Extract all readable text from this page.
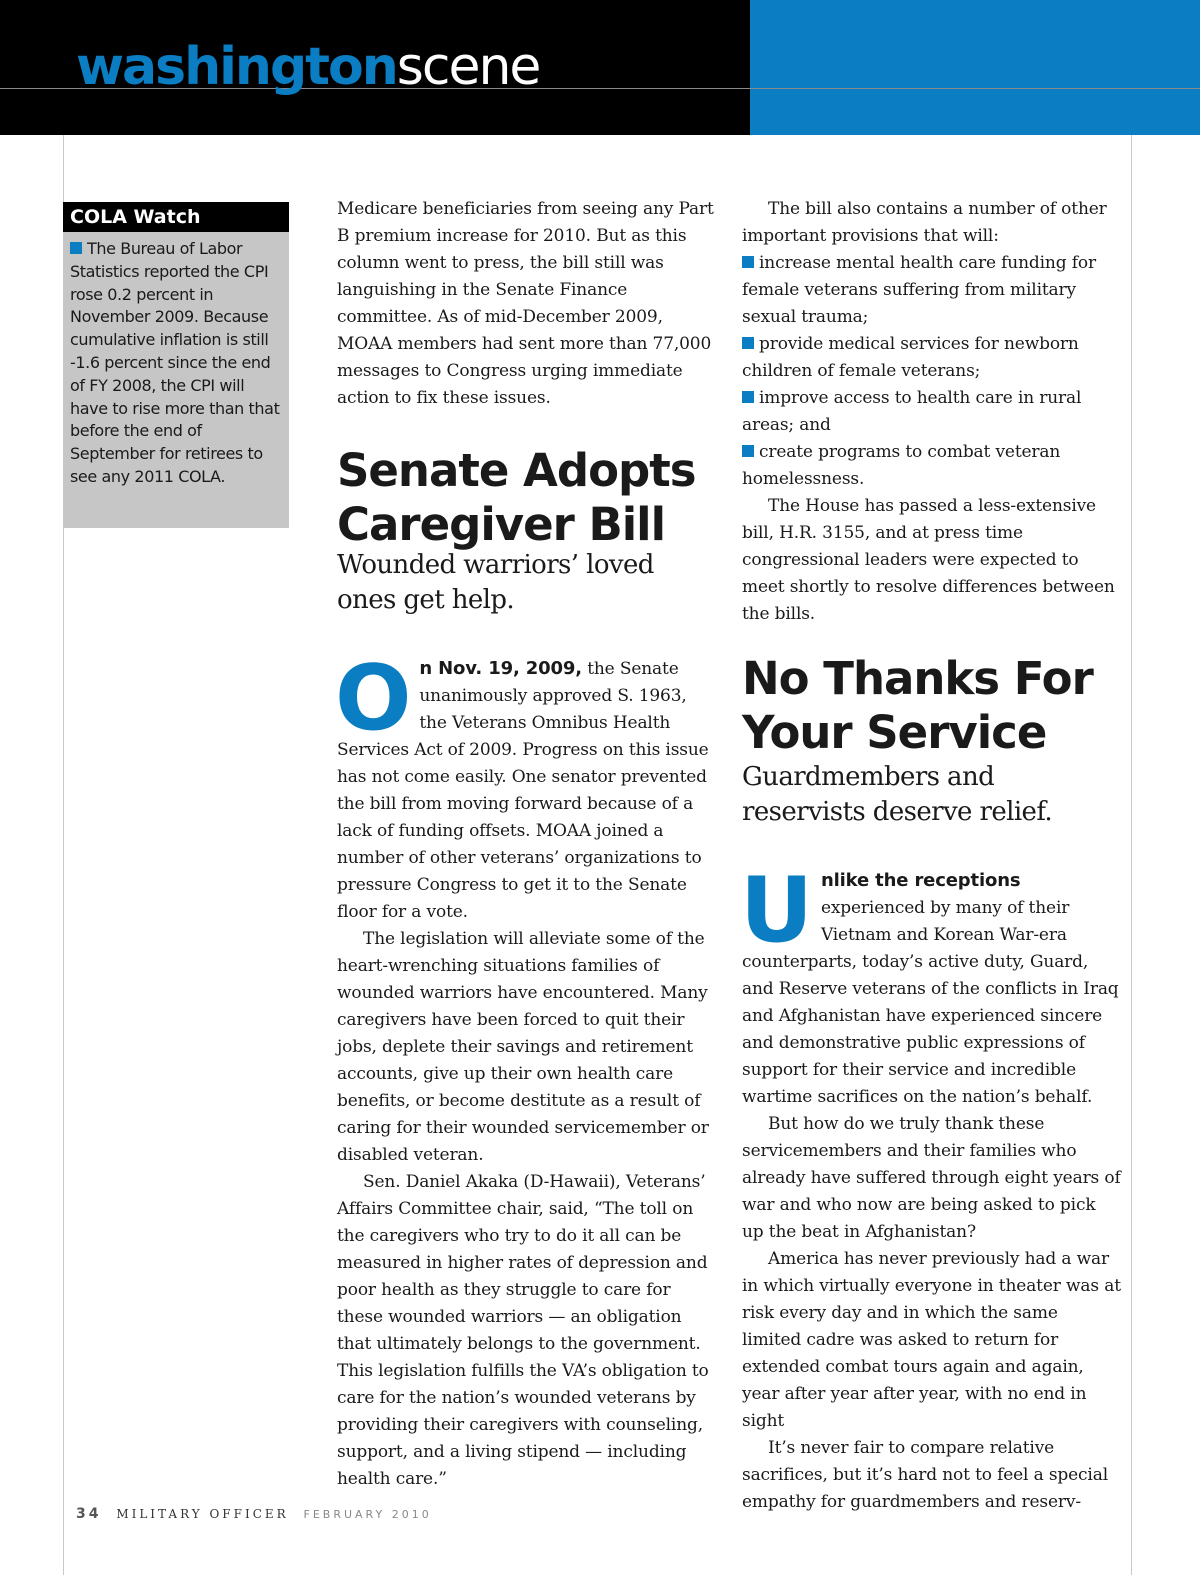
washingtonscene
COLA Watch
The Bureau of Labor Statistics reported the CPI rose 0.2 percent in November 2009. Because cumulative inflation is still -1.6 percent since the end of FY 2008, the CPI will have to rise more than that before the end of September for retirees to see any 2011 COLA.

Medicare beneficiaries from seeing any Part B premium increase for 2010. But as this column went to press, the bill still was languishing in the Senate Finance committee. As of mid-December 2009, MOAA members had sent more than 77,000 messages to Congress urging immediate action to fix these issues.

Senate Adopts Caregiver Bill
Wounded warriors’ loved ones get help.

On Nov. 19, 2009, the Senate unanimously approved S. 1963, the Veterans Omnibus Health Services Act of 2009. Progress on this issue has not come easily. One senator prevented the bill from moving forward because of a lack of funding offsets. MOAA joined a number of other veterans’ organizations to pressure Congress to get it to the Senate floor for a vote.

The legislation will alleviate some of the heart-wrenching situations families of wounded warriors have encountered. Many caregivers have been forced to quit their jobs, deplete their savings and retirement accounts, give up their own health care benefits, or become destitute as a result of caring for their wounded servicemember or disabled veteran.

Sen. Daniel Akaka (D-Hawaii), Veterans’ Affairs Committee chair, said, “The toll on the caregivers who try to do it all can be measured in higher rates of depression and poor health as they struggle to care for these wounded warriors — an obligation that ultimately belongs to the government. This legislation fulfills the VA’s obligation to care for the nation’s wounded veterans by providing their caregivers with counseling, support, and a living stipend — including health care.”

The bill also contains a number of other important provisions that will:

increase mental health care funding for female veterans suffering from military sexual trauma;

provide medical services for newborn children of female veterans;

improve access to health care in rural areas; and

create programs to combat veteran homelessness.

The House has passed a less-extensive bill, H.R. 3155, and at press time congressional leaders were expected to meet shortly to resolve differences between the bills.

No Thanks For Your Service
Guardmembers and reservists deserve relief.

Unlike the receptions experienced by many of their Vietnam and Korean War-era counterparts, today’s active duty, Guard, and Reserve veterans of the conflicts in Iraq and Afghanistan have experienced sincere and demonstrative public expressions of support for their service and incredible wartime sacrifices on the nation’s behalf.

But how do we truly thank these servicemembers and their families who already have suffered through eight years of war and who now are being asked to pick up the beat in Afghanistan?

America has never previously had a war in which virtually everyone in theater was at risk every day and in which the same limited cadre was asked to return for extended combat tours again and again, year after year after year, with no end in sight

It’s never fair to compare relative sacrifices, but it’s hard not to feel a special empathy for guardmembers and reserv-

34 MILITARY OFFICER FEBRUARY 2010
